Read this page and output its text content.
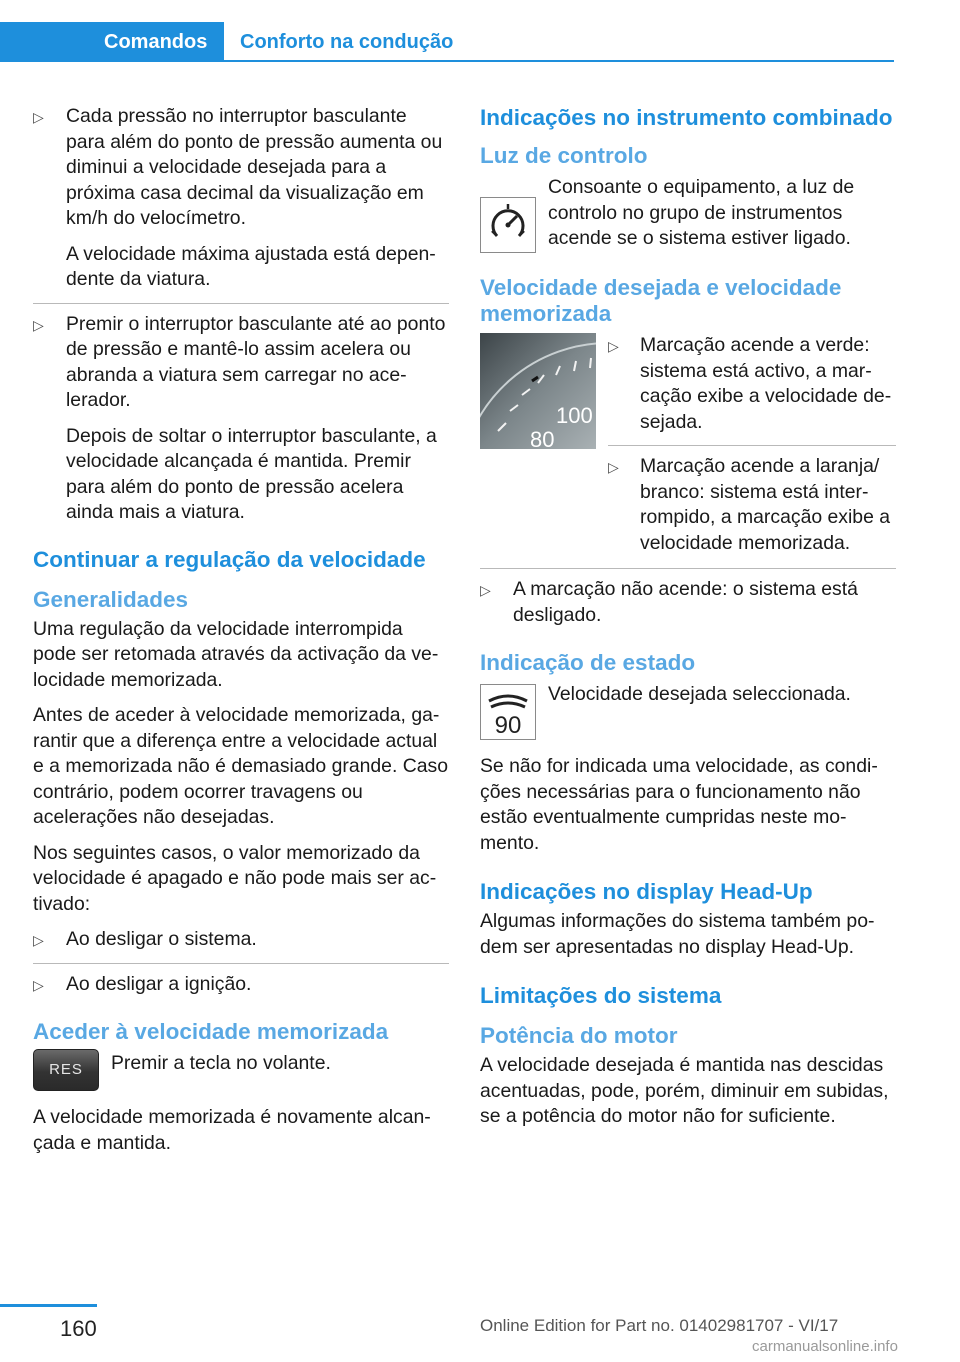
Comandos	Conforto na condução
▷ Cada pressão no interruptor basculante para além do ponto de pressão aumenta ou diminui a velocidade desejada para a próxima casa decimal da visualização em km/h do velocímetro.

A velocidade máxima ajustada está dependente da viatura.

▷ Premir o interruptor basculante até ao ponto de pressão e mantê-lo assim acelera ou abranda a viatura sem carregar no acelerador.

Depois de soltar o interruptor basculante, a velocidade alcançada é mantida. Premir para além do ponto de pressão acelera ainda mais a viatura.

Continuar a regulação da velocidade
Generalidades

Uma regulação da velocidade interrompida pode ser retomada através da activação da velocidade memorizada.

Antes de aceder à velocidade memorizada, garantir que a diferença entre a velocidade actual e a memorizada não é demasiado grande. Caso contrário, podem ocorrer travagens ou acelerações não desejadas.

Nos seguintes casos, o valor memorizado da velocidade é apagado e não pode mais ser activado:

▷ Ao desligar o sistema.

▷ Ao desligar a ignição.

Aceder à velocidade memorizada
RES	Premir a tecla no volante.

A velocidade memorizada é novamente alcançada e mantida.

Indicações no instrumento combinado
Luz de controlo
Consoante o equipamento, a luz de controlo no grupo de instrumentos acende se o sistema estiver ligado.
Velocidade desejada e velocidade memorizada
100
80
▷ Marcação acende a verde: sistema está activo, a marcação exibe a velocidade desejada.

▷ Marcação acende a laranja/ branco: sistema está interrompido, a marcação exibe a velocidade memorizada.

▷ A marcação não acende: o sistema está desligado.

Indicação de estado
90
Velocidade desejada seleccionada.

Se não for indicada uma velocidade, as condições necessárias para o funcionamento não estão eventualmente cumpridas neste momento.

Indicações no display Head-Up

Algumas informações do sistema também podem ser apresentadas no display Head-Up.

Limitações do sistema
Potência do motor

A velocidade desejada é mantida nas descidas acentuadas, pode, porém, diminuir em subidas, se a potência do motor não for suficiente.

160	Online Edition for Part no. 01402981707 - VI/17
carmanualsonline.info
